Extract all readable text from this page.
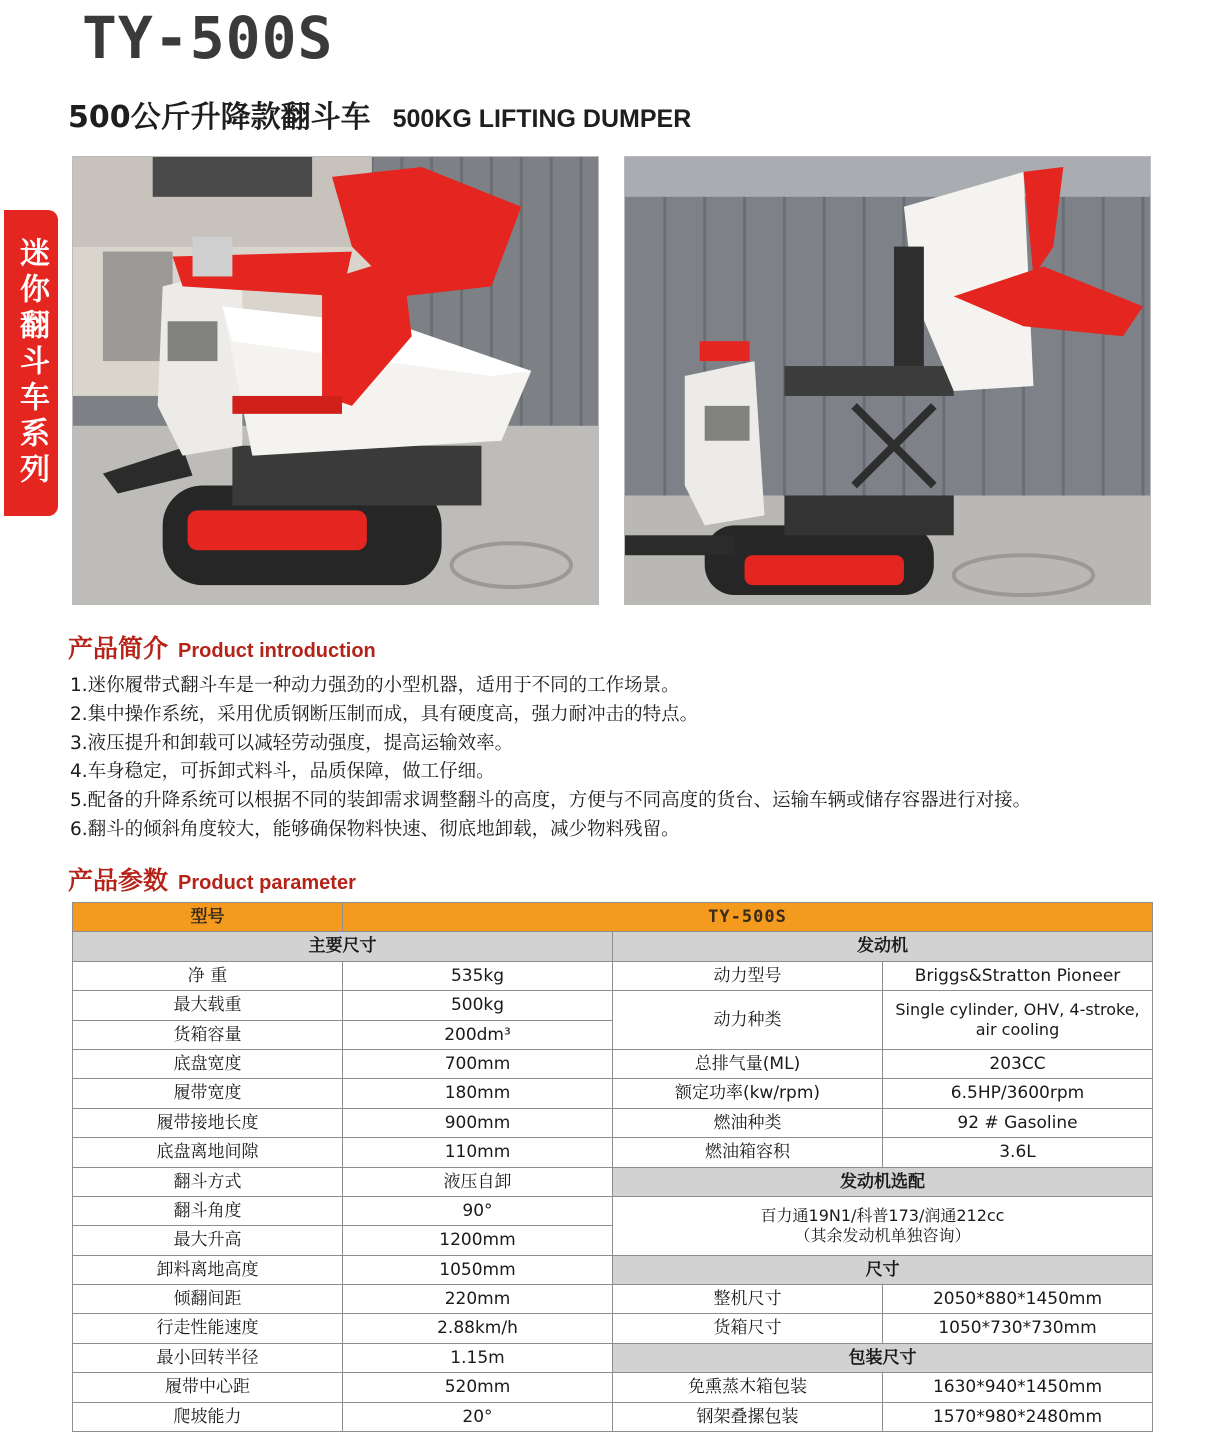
TY-500S
500公斤升降款翻斗车 500KG LIFTING DUMPER
迷你翻斗车系列
产品简介 Product introduction
1.迷你履带式翻斗车是一种动力强劲的小型机器，适用于不同的工作场景。
2.集中操作系统，采用优质钢断压制而成，具有硬度高，强力耐冲击的特点。
3.液压提升和卸载可以减轻劳动强度，提高运输效率。
4.车身稳定，可拆卸式料斗，品质保障，做工仔细。
5.配备的升降系统可以根据不同的装卸需求调整翻斗的高度，方便与不同高度的货台、运输车辆或储存容器进行对接。
6.翻斗的倾斜角度较大，能够确保物料快速、彻底地卸载，减少物料残留。
产品参数 Product parameter
型号	TY-500S		
主要尺寸		发动机	
净 重	535kg	动力型号	Briggs&Stratton Pioneer
最大载重	500kg	动力种类	Single cylinder, OHV, 4-stroke,
air cooling
货箱容量	200dm³		
底盘宽度	700mm	总排气量(ML)	203CC
履带宽度	180mm	额定功率(kw/rpm)	6.5HP/3600rpm
履带接地长度	900mm	燃油种类	92 # Gasoline
底盘离地间隙	110mm	燃油箱容积	3.6L
翻斗方式	液压自卸	发动机选配	
翻斗角度	90°	百力通19N1/科普173/润通212cc
（其余发动机单独咨询）	
最大升高	1200mm		
卸料离地高度	1050mm	尺寸	
倾翻间距	220mm	整机尺寸	2050*880*1450mm
行走性能速度	2.88km/h	货箱尺寸	1050*730*730mm
最小回转半径	1.15m	包装尺寸	
履带中心距	520mm	免熏蒸木箱包装	1630*940*1450mm
爬坡能力	20°	钢架叠摞包装	1570*980*2480mm
